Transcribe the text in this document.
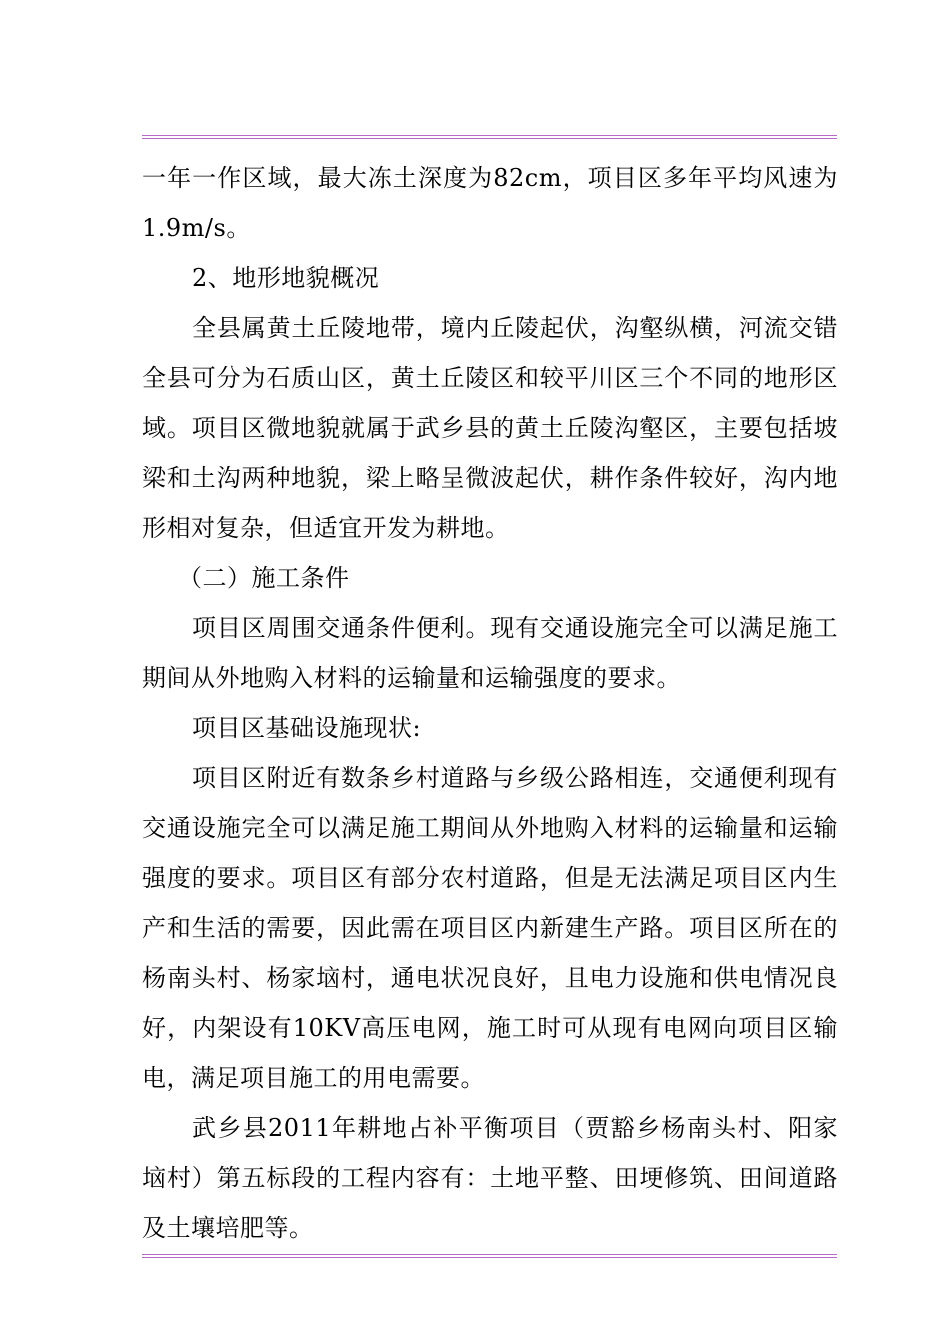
一年一作区域，最大冻土深度为82cm，项目区多年平均风速为1.9m/s。

2、地形地貌概况

全县属黄土丘陵地带，境内丘陵起伏，沟壑纵横，河流交错全县可分为石质山区，黄土丘陵区和较平川区三个不同的地形区域。项目区微地貌就属于武乡县的黄土丘陵沟壑区，主要包括坡梁和土沟两种地貌，梁上略呈微波起伏，耕作条件较好，沟内地形相对复杂，但适宜开发为耕地。

（二）施工条件

项目区周围交通条件便利。现有交通设施完全可以满足施工期间从外地购入材料的运输量和运输强度的要求。

项目区基础设施现状:

项目区附近有数条乡村道路与乡级公路相连，交通便利现有交通设施完全可以满足施工期间从外地购入材料的运输量和运输强度的要求。项目区有部分农村道路，但是无法满足项目区内生产和生活的需要，因此需在项目区内新建生产路。项目区所在的杨南头村、杨家垴村，通电状况良好，且电力设施和供电情况良好，内架设有10KV高压电网，施工时可从现有电网向项目区输电，满足项目施工的用电需要。

武乡县2011年耕地占补平衡项目（贾豁乡杨南头村、阳家垴村）第五标段的工程内容有：土地平整、田埂修筑、田间道路及土壤培肥等。
